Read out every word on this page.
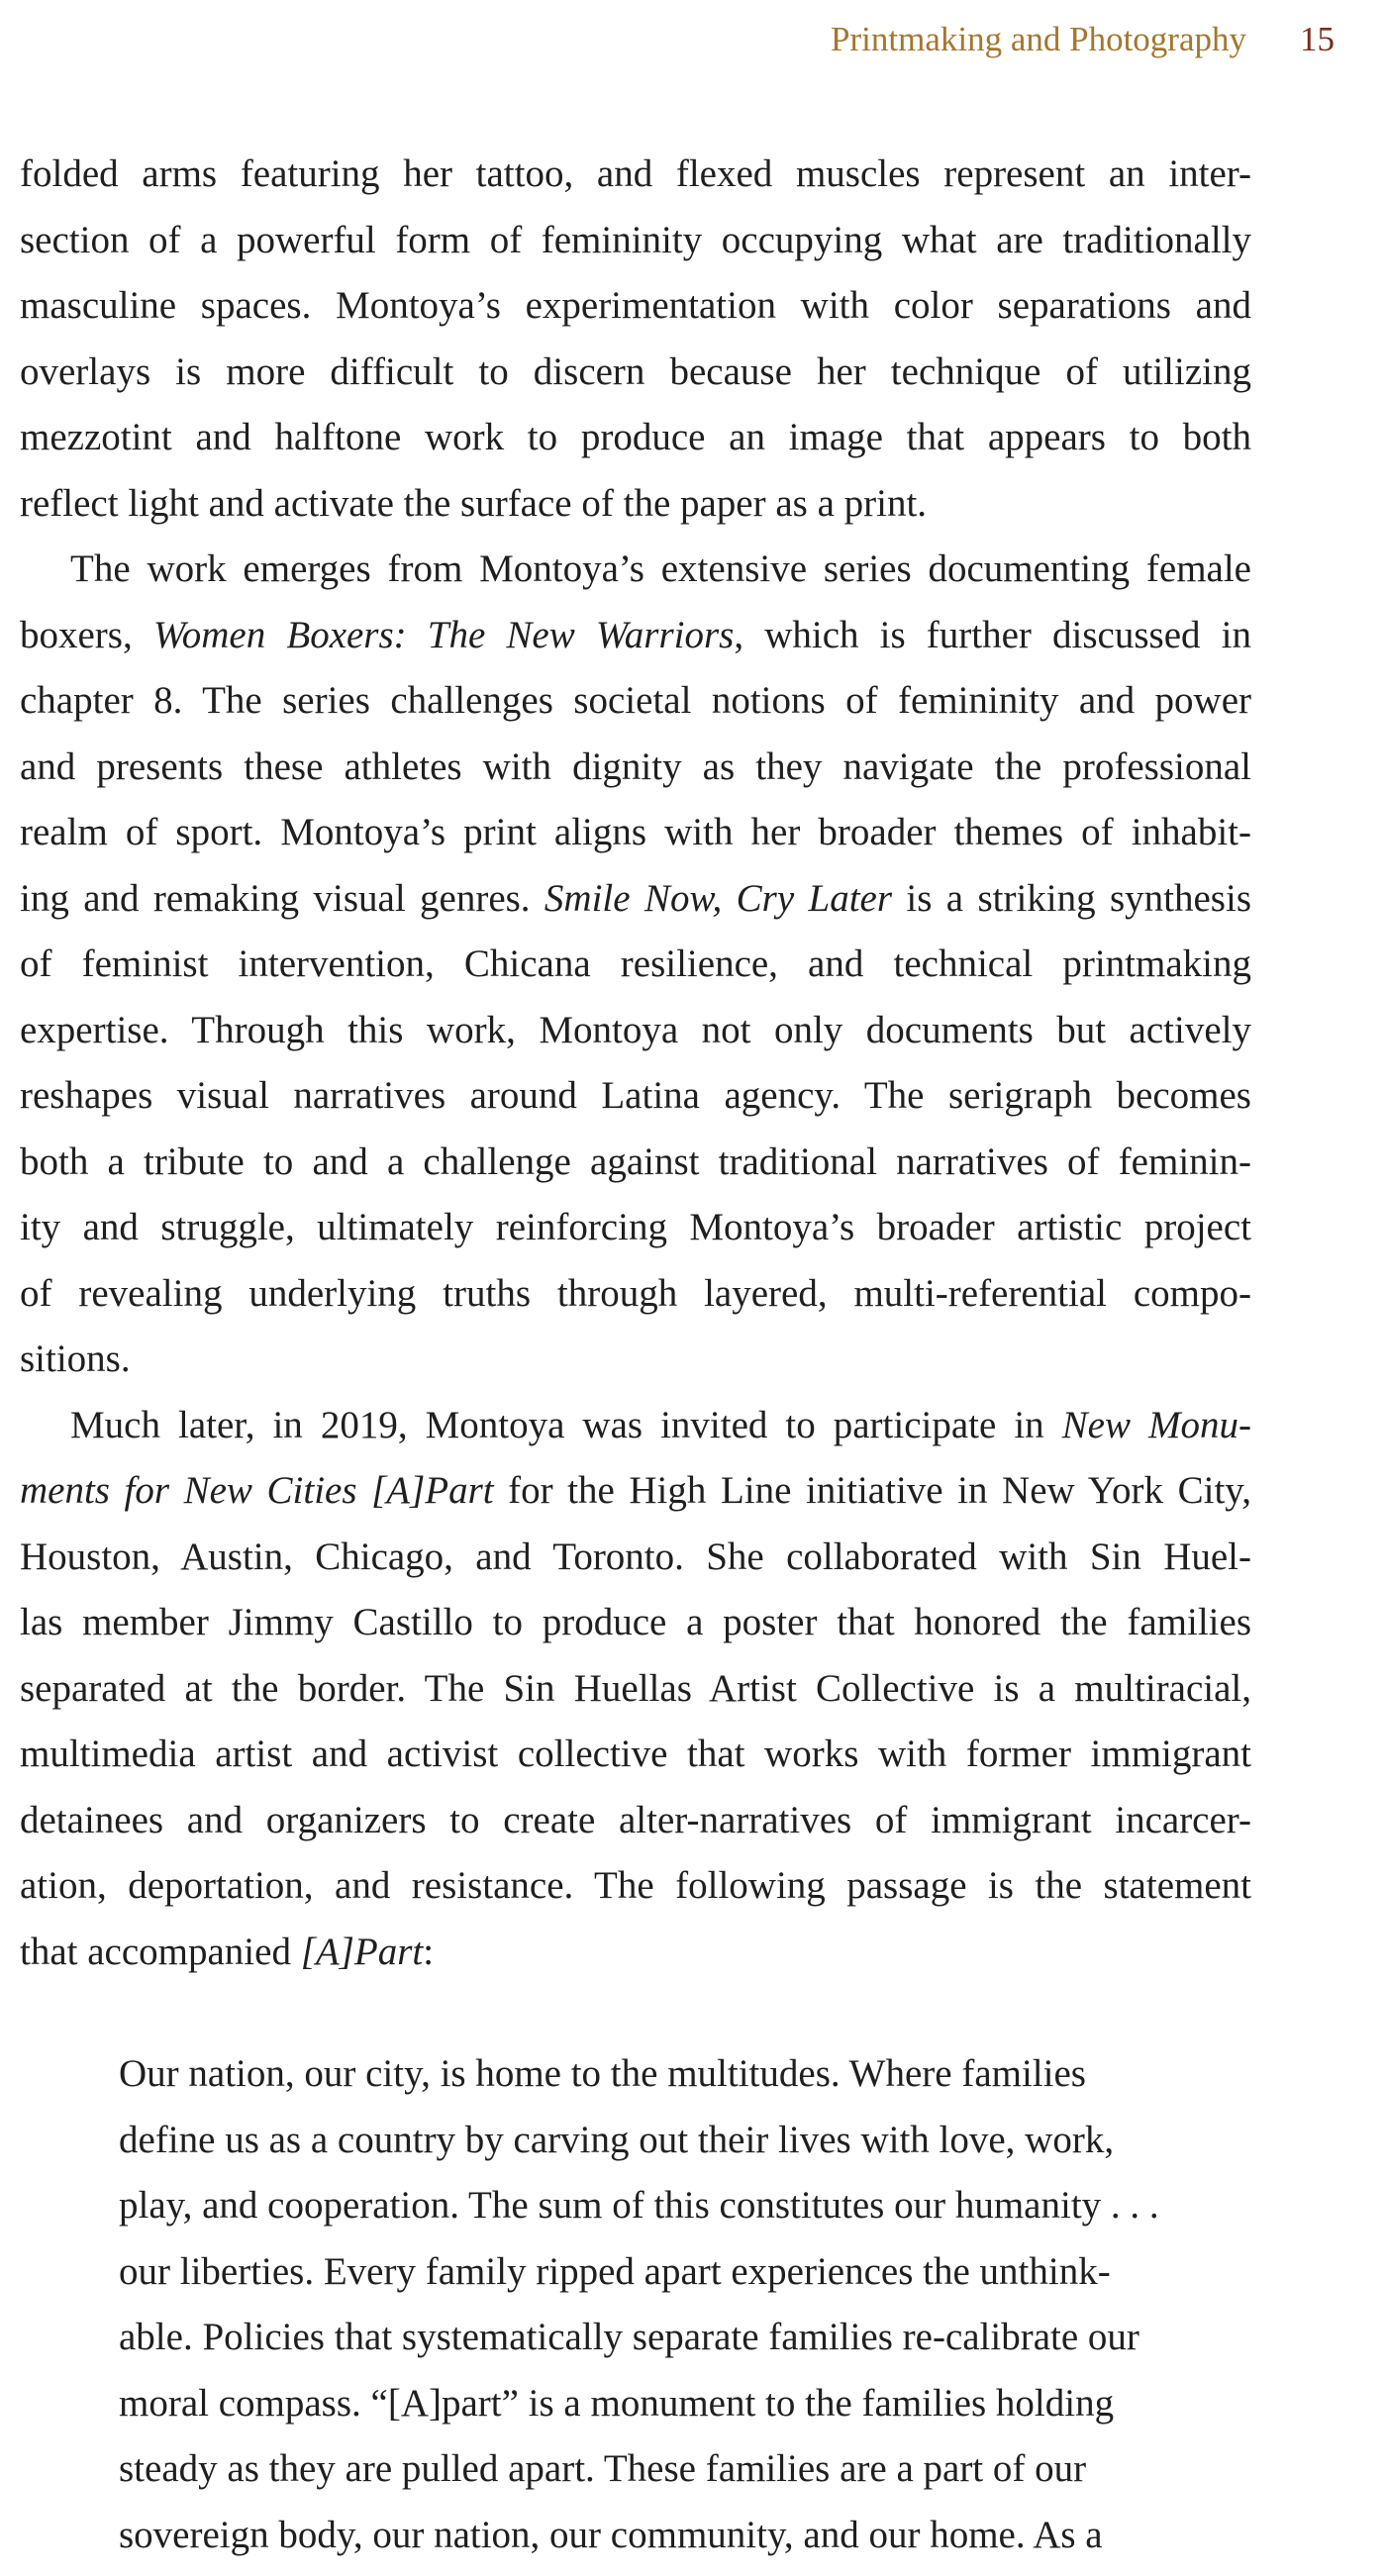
Printmaking and Photography 15
folded arms featuring her tattoo, and flexed muscles represent an inter-
section of a powerful form of femininity occupying what are traditionally
masculine spaces. Montoya’s experimentation with color separations and
overlays is more difficult to discern because her technique of utilizing
mezzotint and halftone work to produce an image that appears to both
reflect light and activate the surface of the paper as a print.
The work emerges from Montoya’s extensive series documenting female
boxers, Women Boxers: The New Warriors, which is further discussed in
chapter 8. The series challenges societal notions of femininity and power
and presents these athletes with dignity as they navigate the professional
realm of sport. Montoya’s print aligns with her broader themes of inhabit-
ing and remaking visual genres. Smile Now, Cry Later is a striking synthesis
of feminist intervention, Chicana resilience, and technical printmaking
expertise. Through this work, Montoya not only documents but actively
reshapes visual narratives around Latina agency. The serigraph becomes
both a tribute to and a challenge against traditional narratives of feminin-
ity and struggle, ultimately reinforcing Montoya’s broader artistic project
of revealing underlying truths through layered, multi-referential compo-
sitions.
Much later, in 2019, Montoya was invited to participate in New Monu-
ments for New Cities [A]Part for the High Line initiative in New York City,
Houston, Austin, Chicago, and Toronto. She collaborated with Sin Huel-
las member Jimmy Castillo to produce a poster that honored the families
separated at the border. The Sin Huellas Artist Collective is a multiracial,
multimedia artist and activist collective that works with former immigrant
detainees and organizers to create alter-narratives of immigrant incarcer-
ation, deportation, and resistance. The following passage is the statement
that accompanied [A]Part:
Our nation, our city, is home to the multitudes. Where families
define us as a country by carving out their lives with love, work,
play, and cooperation. The sum of this constitutes our humanity . . .
our liberties. Every family ripped apart experiences the unthink-
able. Policies that systematically separate families re-calibrate our
moral compass. “[A]part” is a monument to the families holding
steady as they are pulled apart. These families are a part of our
sovereign body, our nation, our community, and our home. As a
